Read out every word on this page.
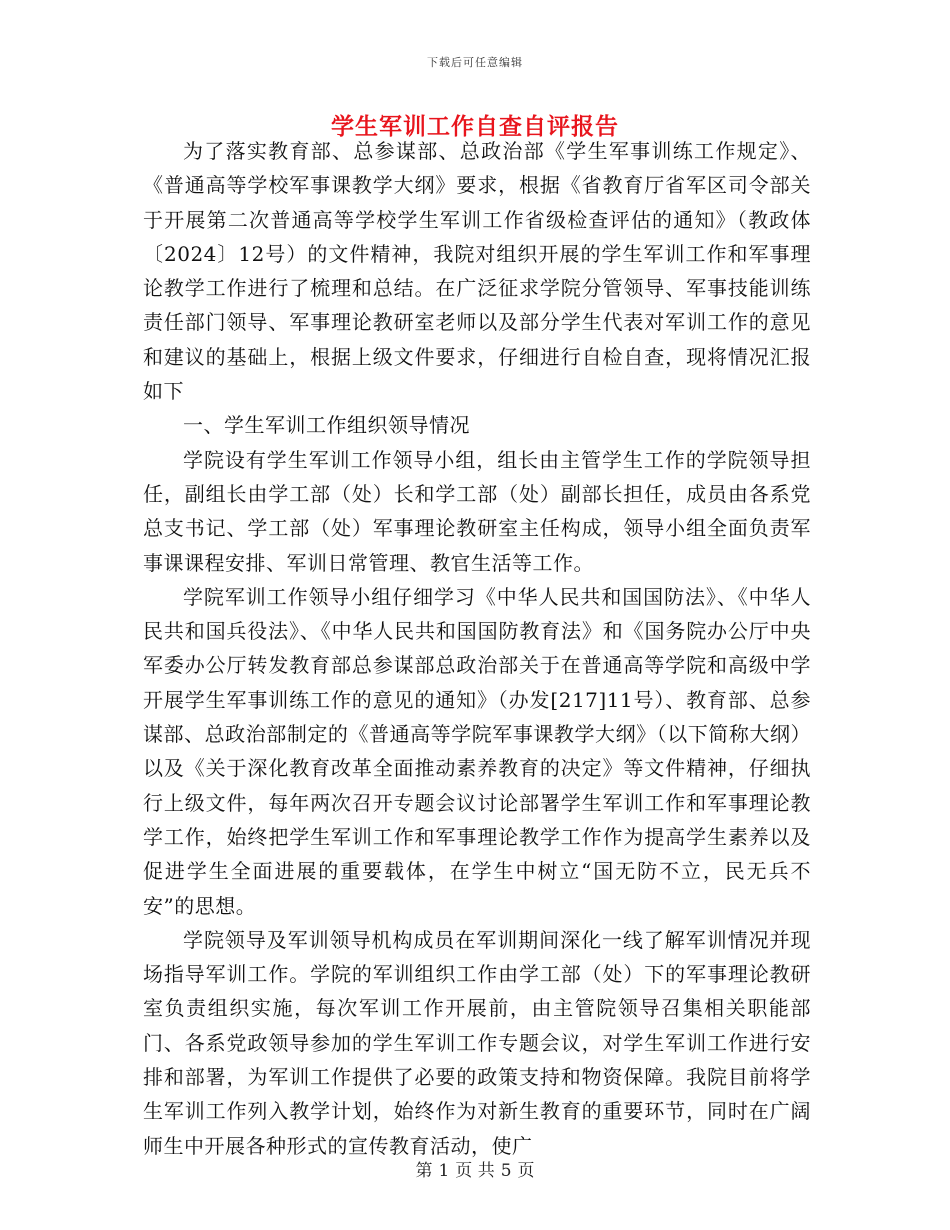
下载后可任意编辑
学生军训工作自查自评报告

为了落实教育部、总参谋部、总政治部《学生军事训练工作规定》、《普通高等学校军事课教学大纲》要求，根据《省教育厅省军区司令部关于开展第二次普通高等学校学生军训工作省级检查评估的通知》（教政体〔2024〕12号）的文件精神，我院对组织开展的学生军训工作和军事理论教学工作进行了梳理和总结。在广泛征求学院分管领导、军事技能训练责任部门领导、军事理论教研室老师以及部分学生代表对军训工作的意见和建议的基础上，根据上级文件要求，仔细进行自检自查，现将情况汇报如下

一、学生军训工作组织领导情况

学院设有学生军训工作领导小组，组长由主管学生工作的学院领导担任，副组长由学工部（处）长和学工部（处）副部长担任，成员由各系党总支书记、学工部（处）军事理论教研室主任构成，领导小组全面负责军事课课程安排、军训日常管理、教官生活等工作。

学院军训工作领导小组仔细学习《中华人民共和国国防法》、《中华人民共和国兵役法》、《中华人民共和国国防教育法》和《国务院办公厅中央军委办公厅转发教育部总参谋部总政治部关于在普通高等学院和高级中学开展学生军事训练工作的意见的通知》（办发[217]11号）、教育部、总参谋部、总政治部制定的《普通高等学院军事课教学大纲》（以下简称大纲）以及《关于深化教育改革全面推动素养教育的决定》等文件精神，仔细执行上级文件，每年两次召开专题会议讨论部署学生军训工作和军事理论教学工作，始终把学生军训工作和军事理论教学工作作为提高学生素养以及促进学生全面进展的重要载体，在学生中树立“国无防不立，民无兵不安”的思想。

学院领导及军训领导机构成员在军训期间深化一线了解军训情况并现场指导军训工作。学院的军训组织工作由学工部（处）下的军事理论教研室负责组织实施，每次军训工作开展前，由主管院领导召集相关职能部门、各系党政领导参加的学生军训工作专题会议，对学生军训工作进行安排和部署，为军训工作提供了必要的政策支持和物资保障。我院目前将学生军训工作列入教学计划，始终作为对新生教育的重要环节，同时在广阔师生中开展各种形式的宣传教育活动，使广

第 1 页 共 5 页
